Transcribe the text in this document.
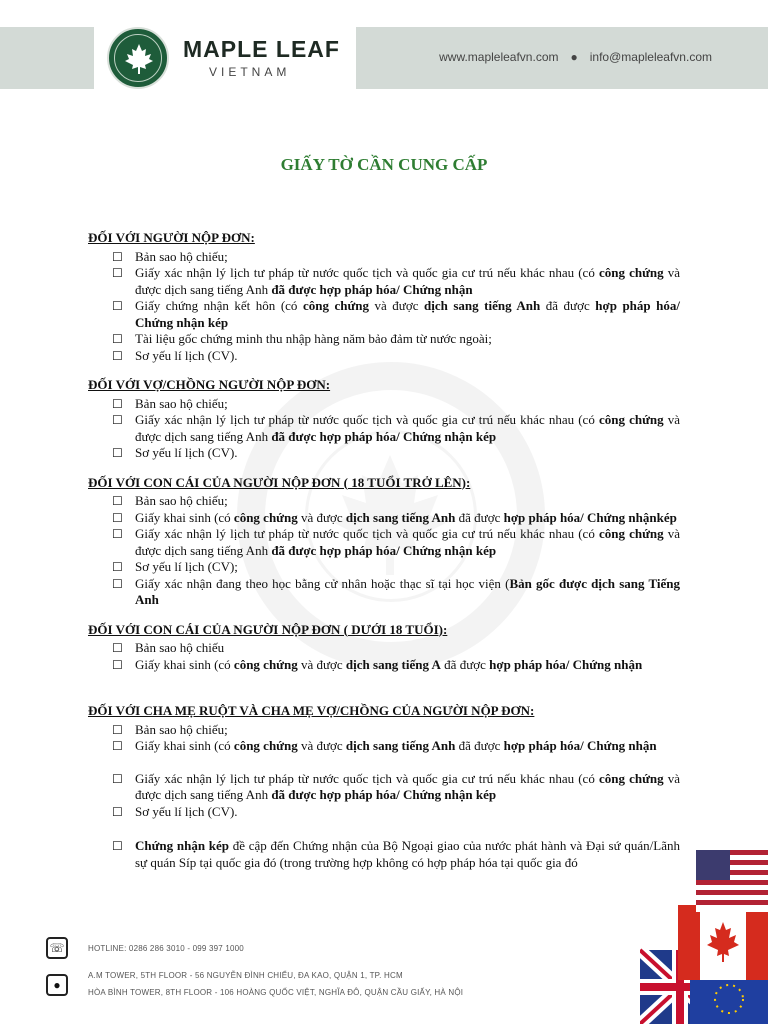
MAPLE LEAF
VIETNAM
www.mapleleafvn.com ● info@mapleleafvn.com
GIẤY TỜ CẦN CUNG CẤP
ĐỐI VỚI NGƯỜI NỘP ĐƠN:
☐ Bản sao hộ chiếu;
☐ Giấy xác nhận lý lịch tư pháp từ nước quốc tịch và quốc gia cư trú nếu khác nhau (có công chứng và được dịch sang tiếng Anh đã được hợp pháp hóa/ Chứng nhận
☐ Giấy chứng nhận kết hôn (có công chứng và được dịch sang tiếng Anh đã được hợp pháp hóa/ Chứng nhận kép
☐ Tài liệu gốc chứng minh thu nhập hàng năm bảo đảm từ nước ngoài;
☐ Sơ yếu lí lịch (CV).
ĐỐI VỚI VỢ/CHỒNG NGƯỜI NỘP ĐƠN:
☐ Bản sao hộ chiếu;
☐ Giấy xác nhận lý lịch tư pháp từ nước quốc tịch và quốc gia cư trú nếu khác nhau (có công chứng và được dịch sang tiếng Anh đã được hợp pháp hóa/ Chứng nhận kép
☐ Sơ yếu lí lịch (CV).
ĐỐI VỚI CON CÁI CỦA NGƯỜI NỘP ĐƠN ( 18 TUỔI TRỞ LÊN):
☐ Bản sao hộ chiếu;
☐ Giấy khai sinh (có công chứng và được dịch sang tiếng Anh đã được hợp pháp hóa/ Chứng nhậnkép
☐ Giấy xác nhận lý lịch tư pháp từ nước quốc tịch và quốc gia cư trú nếu khác nhau (có công chứng và được dịch sang tiếng Anh đã được hợp pháp hóa/ Chứng nhận kép
☐ Sơ yếu lí lịch (CV);
☐ Giấy xác nhận đang theo học bằng cử nhân hoặc thạc sĩ tại học viện (Bản gốc được dịch sang Tiếng Anh
ĐỐI VỚI CON CÁI CỦA NGƯỜI NỘP ĐƠN ( DƯỚI 18 TUỔI):
☐ Bản sao hộ chiếu
☐ Giấy khai sinh (có công chứng và được dịch sang tiếng A đã được hợp pháp hóa/ Chứng nhận
ĐỐI VỚI CHA MẸ RUỘT VÀ CHA MẸ VỢ/CHỒNG CỦA NGƯỜI NỘP ĐƠN:
☐ Bản sao hộ chiếu;
☐ Giấy khai sinh (có công chứng và được dịch sang tiếng Anh đã được hợp pháp hóa/ Chứng nhận
☐ Giấy xác nhận lý lịch tư pháp từ nước quốc tịch và quốc gia cư trú nếu khác nhau (có công chứng và được dịch sang tiếng Anh đã được hợp pháp hóa/ Chứng nhận kép
☐ Sơ yếu lí lịch (CV).
☐ Chứng nhận kép đề cập đến Chứng nhận của Bộ Ngoại giao của nước phát hành và Đại sứ quán/Lãnh sự quán Síp tại quốc gia đó (trong trường hợp không có hợp pháp hóa tại quốc gia đó
☏	HOTLINE: 0286 286 3010 - 099 397 1000
●
A.M TOWER, 5TH FLOOR - 56 NGUYỄN ĐÌNH CHIỂU, ĐA KAO, QUẬN 1, TP. HCM
HÒA BÌNH TOWER, 8TH FLOOR - 106 HOÀNG QUỐC VIỆT, NGHĨA ĐÔ, QUẬN CẦU GIẤY, HÀ NỘI
